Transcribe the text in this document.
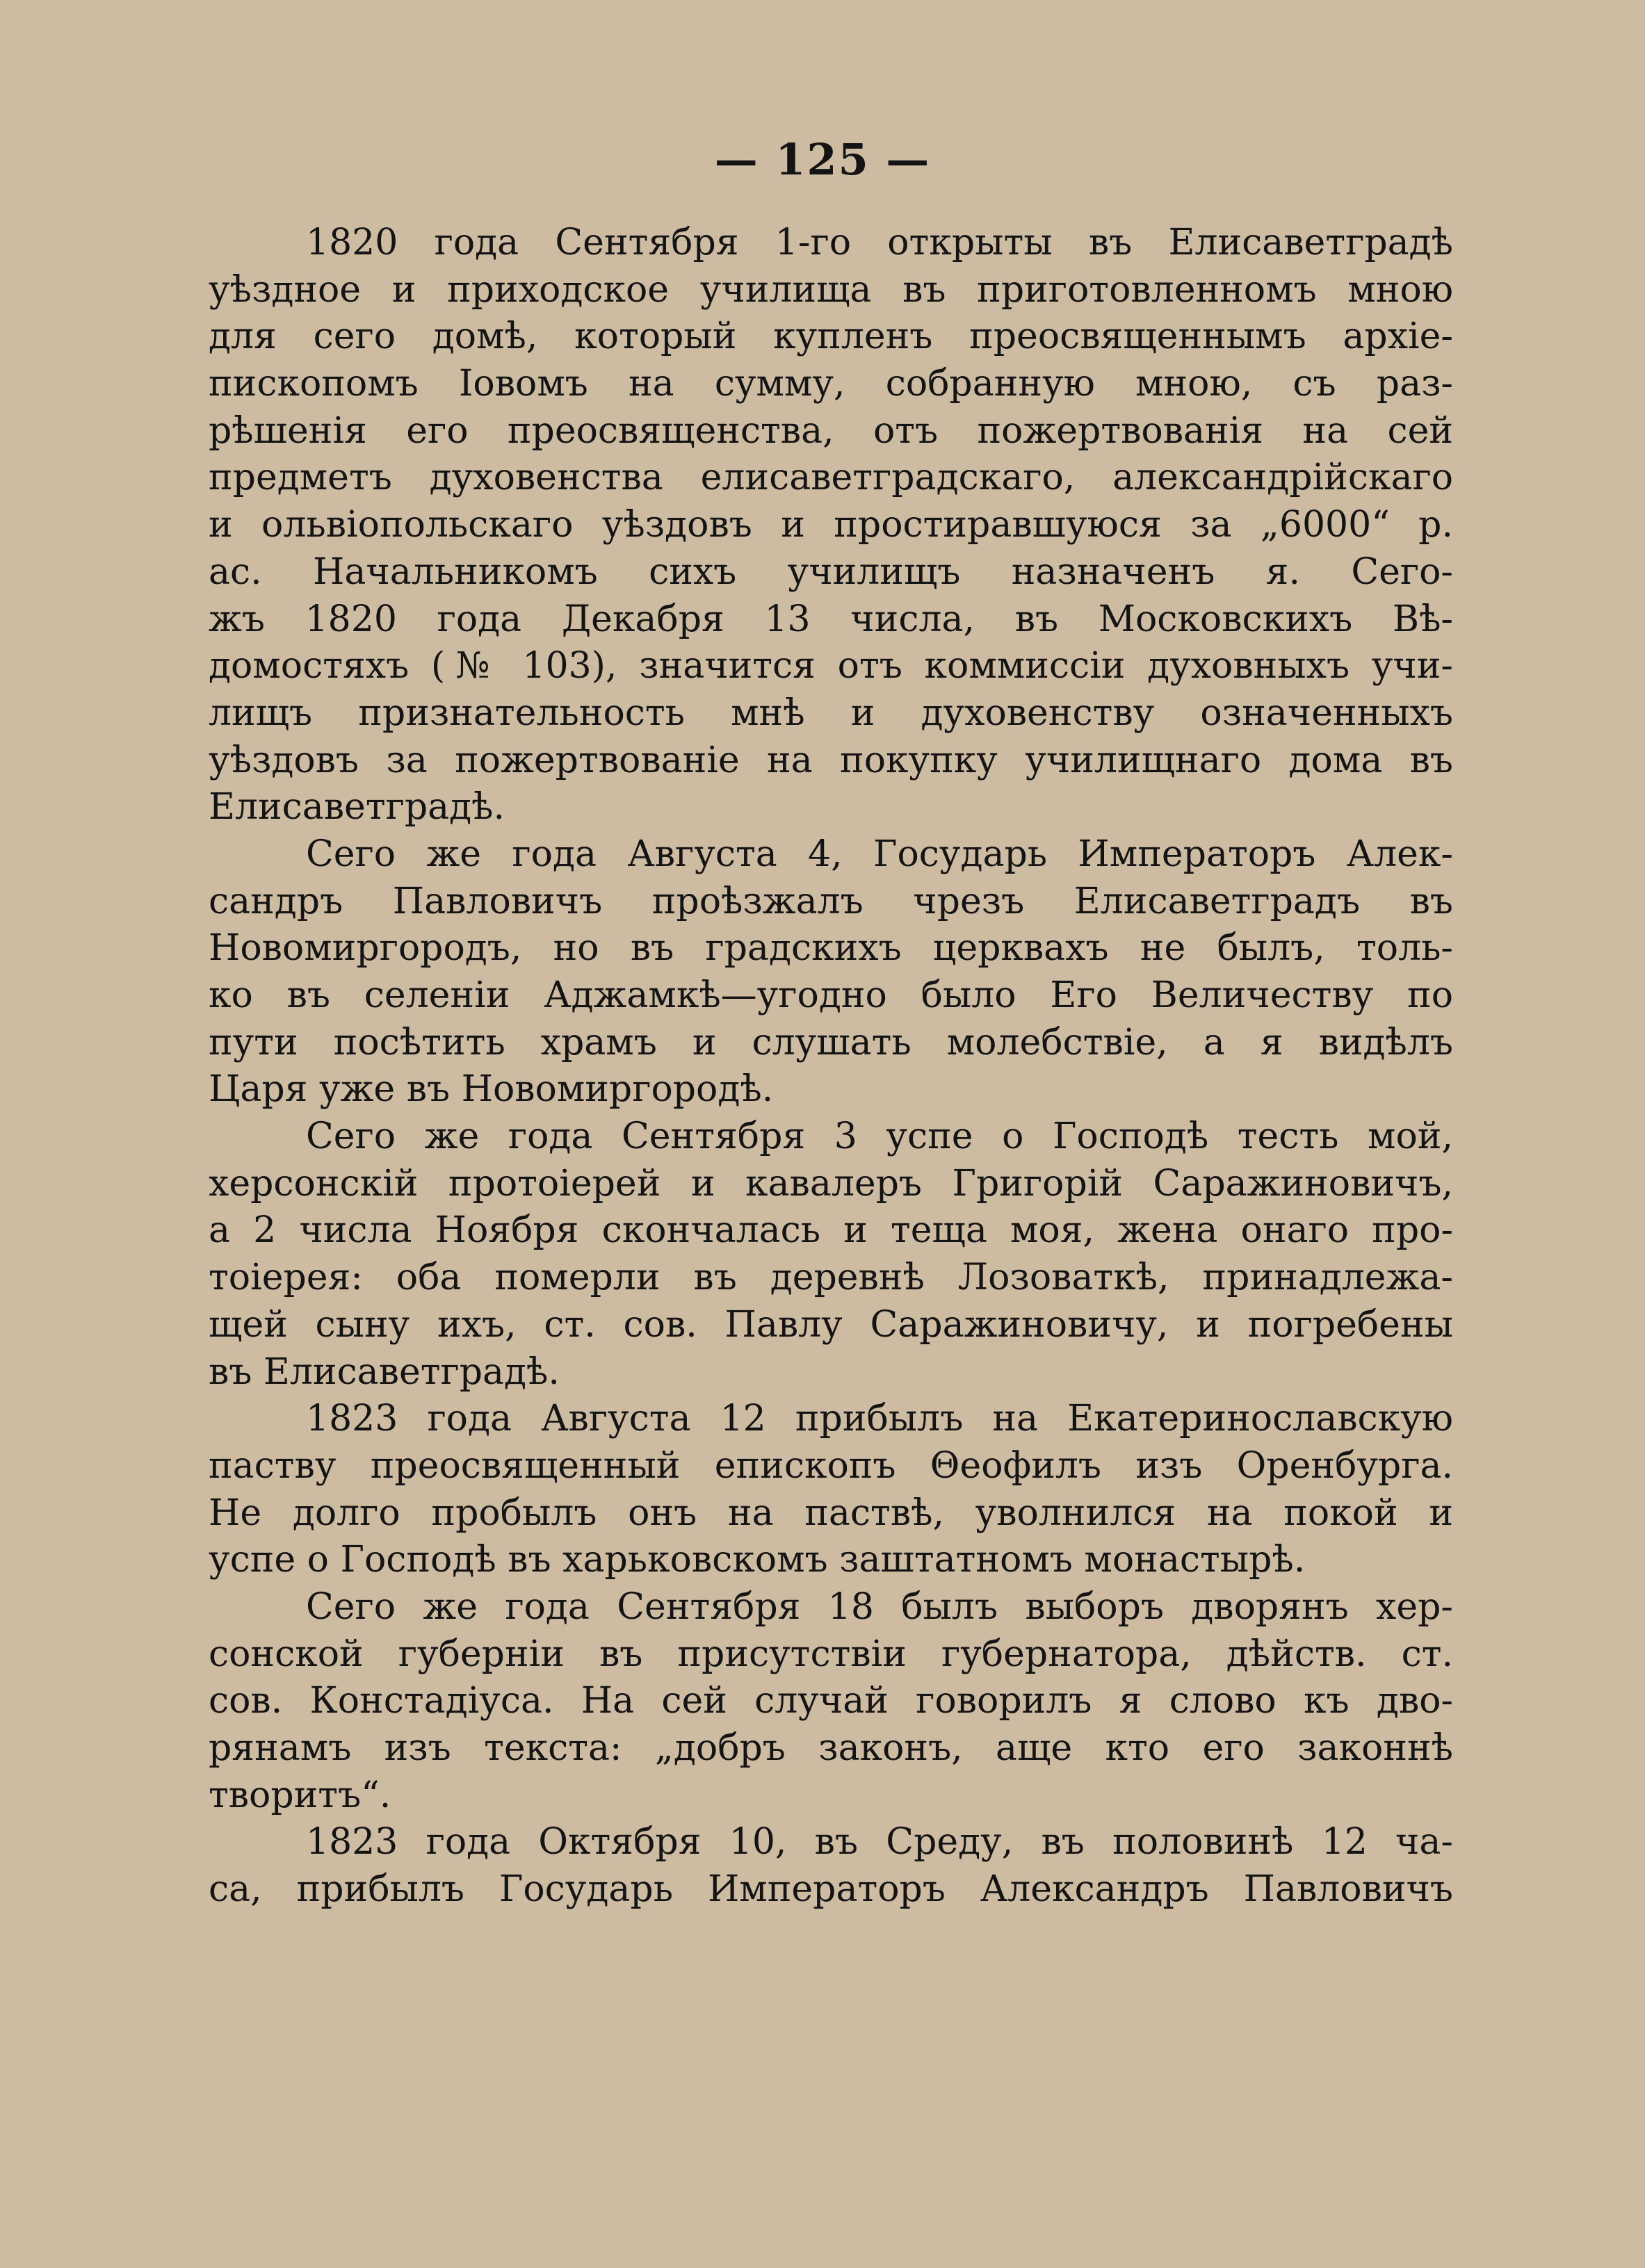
— 125 —
1820 года Сентября 1-го открыты въ Елисаветградѣ
уѣздное и приходское училища въ приготовленномъ мною
для сего домѣ, который купленъ преосвященнымъ архіе-
пископомъ Іовомъ на сумму, собранную мною, съ раз-
рѣшенія его преосвященства, отъ пожертвованія на сей
предметъ духовенства елисаветградскаго, александрійскаго
и ольвіопольскаго уѣздовъ и простиравшуюся за „6000“ р.
ас. Начальникомъ сихъ училищъ назначенъ я. Сего-
жъ 1820 года Декабря 13 числа, въ Московскихъ Вѣ-
домостяхъ (№ 103), значится отъ коммиссіи духовныхъ учи-
лищъ признательность мнѣ и духовенству означенныхъ
уѣздовъ за пожертвованіе на покупку училищнаго дома въ
Елисаветградѣ.
Сего же года Августа 4, Государь Императоръ Алек-
сандръ Павловичъ проѣзжалъ чрезъ Елисаветградъ въ
Новомиргородъ, но въ градскихъ церквахъ не былъ, толь-
ко въ селеніи Аджамкѣ—угодно было Его Величеству по
пути посѣтить храмъ и слушать молебствіе, а я видѣлъ
Царя уже въ Новомиргородѣ.
Сего же года Сентября 3 успе о Господѣ тесть мой,
херсонскій протоіерей и кавалеръ Григорій Саражиновичъ,
а 2 числа Ноября скончалась и теща моя, жена онаго про-
тоіерея: оба померли въ деревнѣ Лозоваткѣ, принадлежа-
щей сыну ихъ, ст. сов. Павлу Саражиновичу, и погребены
въ Елисаветградѣ.
1823 года Августа 12 прибылъ на Екатеринославскую
паству преосвященный епископъ Θеофилъ изъ Оренбурга.
Не долго пробылъ онъ на паствѣ, уволнился на покой и
успе о Господѣ въ харьковскомъ заштатномъ монастырѣ.
Сего же года Сентября 18 былъ выборъ дворянъ хер-
сонской губерніи въ присутствіи губернатора, дѣйств. ст.
сов. Констадіуса. На сей случай говорилъ я слово къ дво-
рянамъ изъ текста: „добръ законъ, аще кто его законнѣ
творитъ“.
1823 года Октября 10, въ Среду, въ половинѣ 12 ча-
са, прибылъ Государь Императоръ Александръ Павловичъ
